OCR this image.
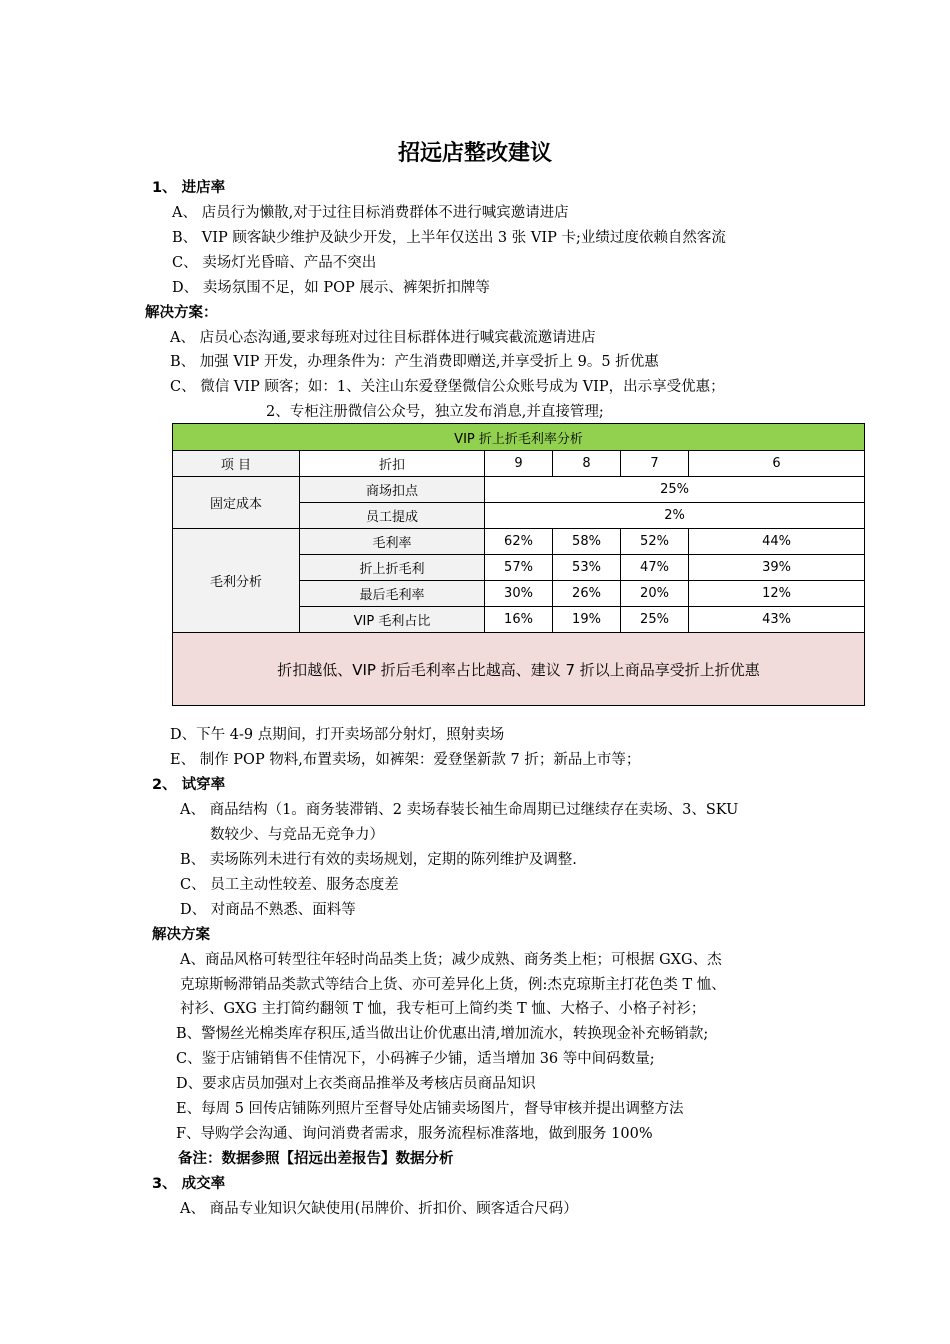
招远店整改建议
1、 进店率
A、 店员行为懒散,对于过往目标消费群体不进行喊宾邀请进店
B、 VIP 顾客缺少维护及缺少开发，上半年仅送出 3 张 VIP 卡;业绩过度依赖自然客流
C、 卖场灯光昏暗、产品不突出
D、 卖场氛围不足，如 POP 展示、裤架折扣牌等
解决方案：
A、 店员心态沟通,要求每班对过往目标群体进行喊宾截流邀请进店
B、 加强 VIP 开发，办理条件为：产生消费即赠送,并享受折上 9。5 折优惠
C、 微信 VIP 顾客；如：1、关注山东爱登堡微信公众账号成为 VIP，出示享受优惠；
2、专柜注册微信公众号，独立发布消息,并直接管理;
VIP 折上折毛利率分析					
项 目	折扣	9	8	7	6
固定成本	商场扣点	25%			
	员工提成	2%			
毛利分析	毛利率	62%	58%	52%	44%
	折上折毛利	57%	53%	47%	39%
	最后毛利率	30%	26%	20%	12%
	VIP 毛利占比	16%	19%	25%	43%
折扣越低、VIP 折后毛利率占比越高、建议 7 折以上商品享受折上折优惠					
D、下午 4-9 点期间，打开卖场部分射灯，照射卖场
E、 制作 POP 物料,布置卖场，如裤架：爱登堡新款 7 折；新品上市等；
2、 试穿率
A、 商品结构（1。商务装滞销、2 卖场春装长袖生命周期已过继续存在卖场、3、SKU
数较少、与竞品无竞争力）
B、 卖场陈列未进行有效的卖场规划，定期的陈列维护及调整.
C、 员工主动性较差、服务态度差
D、 对商品不熟悉、面料等
解决方案
A、商品风格可转型往年轻时尚品类上货；减少成熟、商务类上柜；可根据 GXG、杰
克琼斯畅滞销品类款式等结合上货、亦可差异化上货，例:杰克琼斯主打花色类 T 恤、
衬衫、GXG 主打简约翻领 T 恤，我专柜可上简约类 T 恤、大格子、小格子衬衫；
B、警惕丝光棉类库存积压,适当做出让价优惠出清,增加流水，转换现金补充畅销款;
C、鉴于店铺销售不佳情况下，小码裤子少铺，适当增加 36 等中间码数量;
D、要求店员加强对上衣类商品推举及考核店员商品知识
E、每周 5 回传店铺陈列照片至督导处店铺卖场图片，督导审核并提出调整方法
F、导购学会沟通、询问消费者需求，服务流程标准落地，做到服务 100%
备注：数据参照【招远出差报告】数据分析
3、 成交率
A、 商品专业知识欠缺使用(吊牌价、折扣价、顾客适合尺码）
